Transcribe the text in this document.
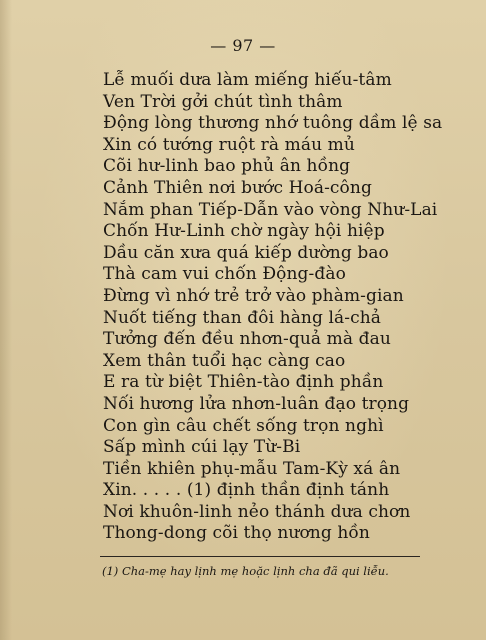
— 97 —
Lễ muối dưa làm miếng hiếu-tâm
Ven Trời gởi chút tình thâm
Động lòng thương nhớ tuông dầm lệ sa
Xin có tướng ruột rà máu mủ
Cõi hư-linh bao phủ ân hồng
Cảnh Thiên nơi bước Hoá-công
Nắm phan Tiếp-Dẫn vào vòng Như-Lai
Chốn Hư-Linh chờ ngày hội hiệp
Dầu căn xưa quá kiếp dường bao
Thà cam vui chốn Động-đào
Đừng vì nhớ trẻ trở vào phàm-gian
Nuốt tiếng than đôi hàng lá-chả
Tưởng đến đều nhơn-quả mà đau
Xem thân tuổi hạc càng cao
E ra từ biệt Thiên-tào định phần
Nối hương lửa nhơn-luân đạo trọng
Con gìn câu chết sống trọn nghì
Sấp mình cúi lạy Từ-Bi
Tiền khiên phụ-mẫu Tam-Kỳ xá ân
Xin. . . . . (1) định thần định tánh
Nơi khuôn-linh nẻo thánh dưa chơn
Thong-dong cõi thọ nương hồn
(1) Cha-mẹ hay lịnh mẹ hoặc lịnh cha đã qui liễu.
